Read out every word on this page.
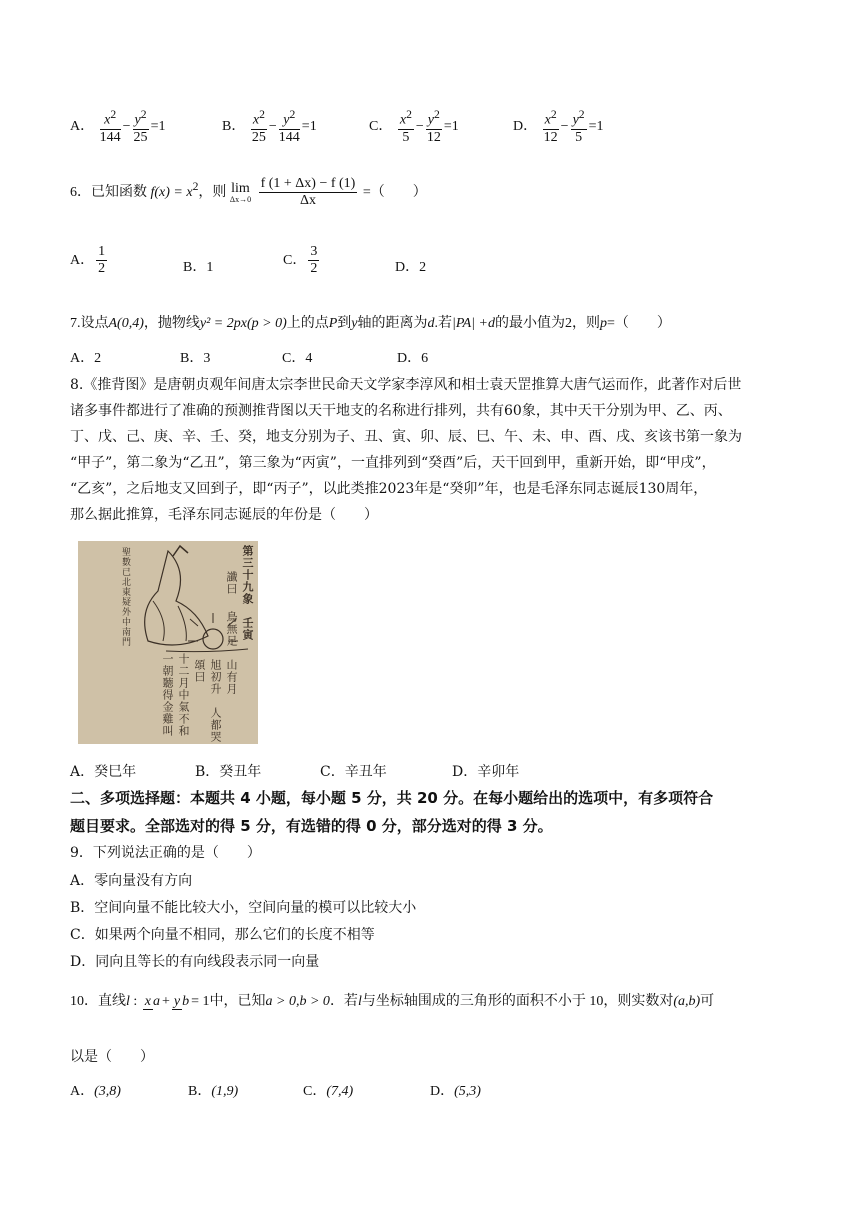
A． $\frac{x^2}{144} - \frac{y^2}{25} =1$	B． $\frac{x^2}{25} - \frac{y^2}{144} =1$	C． $\frac{x^2}{5} - \frac{y^2}{12} =1$	D． $\frac{x^2}{12} - \frac{y^2}{5} =1$
6．已知函数 $f(x) = x^2$，则 lim
Δx→0
$\frac{f (1 + \Delta x) - f (1)}{\Delta x}$ =（　　）
A． $\frac{1}{2}$	B．1	C． $\frac{3}{2}$	D．2
7.设点A(0,4)，抛物线y² = 2px(p > 0)上的点P到y轴的距离为d.若|PA| +d的最小值为2，则p=（　　）
A．2	B．3	C．4	D．6
8.《推背图》是唐朝贞观年间唐太宗李世民命天文学家李淳风和相士袁天罡推算大唐气运而作，此著作对后世
诸多事件都进行了准确的预测推背图以天干地支的名称进行排列，共有60象，其中天干分别为甲、乙、丙、
丁、戊、己、庚、辛、壬、癸，地支分别为子、丑、寅、卯、辰、巳、午、未、申、酉、戌、亥该书第一象为
“甲子”，第二象为“乙丑”，第三象为“丙寅”，一直排列到“癸酉”后，天干回到甲，重新开始，即“甲戌”，
“乙亥”，之后地支又回到子，即“丙子”，以此类推2023年是“癸卯”年，也是毛泽东同志诞辰130周年，
那么据此推算，毛泽东同志诞辰的年份是（　　）
第三十九象　壬寅
讖曰
鳥無足　山有月
旭初升　人都哭
頌曰
十二月中氣不和
一朝聽得金雞叫
聖數已北東疑外中南門
A．癸巳年	B．癸丑年	C．辛丑年	D．辛卯年
二、多项选择题：本题共 4 小题，每小题 5 分，共 20 分。在每小题给出的选项中，有多项符合
题目要求。全部选对的得 5 分，有选错的得 0 分，部分选对的得 3 分。
9．下列说法正确的是（　　）
A．零向量没有方向
B．空间向量不能比较大小，空间向量的模可以比较大小
C．如果两个向量不相同，那么它们的长度不相等
D．同向且等长的有向线段表示同一向量
10．直线l : x a + y b = 1中，已知a > 0,b > 0．若l与坐标轴围成的三角形的面积不小于 10，则实数对(a,b)可
以是（　　）
A．(3,8)	B．(1,9)	C．(7,4)	D．(5,3)
